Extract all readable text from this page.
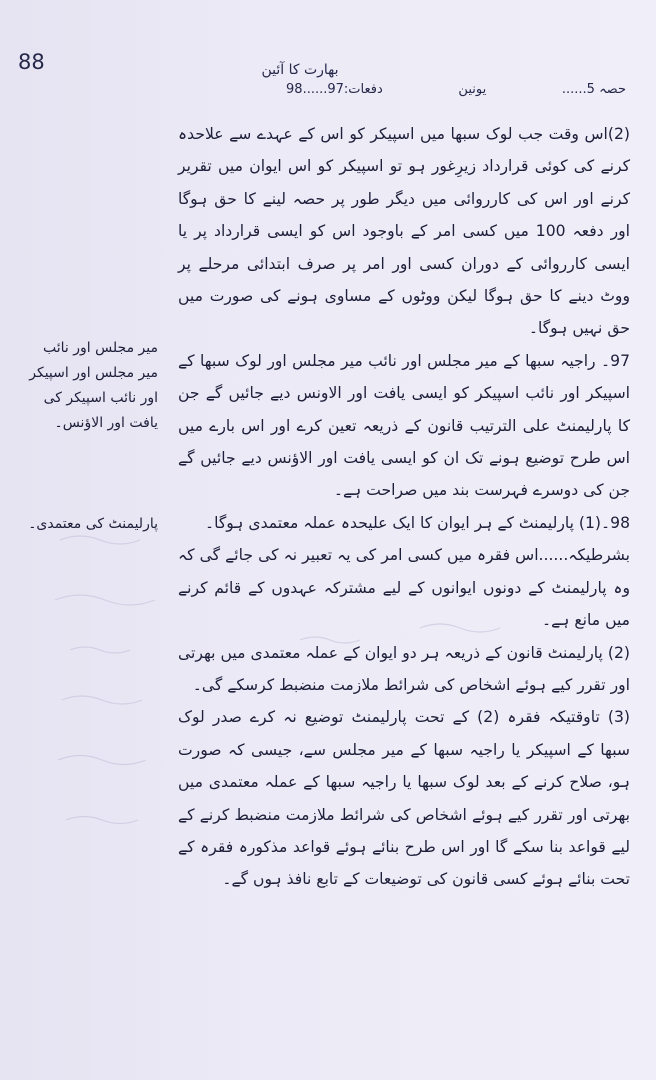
88	بھارت کا آئین
حصہ 5......
یونین
دفعات:97......98

(2)اس وقت جب لوک سبھا میں اسپیکر کو اس کے عہدے سے علاحدہ کرنے کی کوئی قرارداد زیرِغور ہو تو اسپیکر کو اس ایوان میں تقریر کرنے اور اس کی کارروائی میں دیگر طور پر حصہ لینے کا حق ہوگا اور دفعہ 100 میں کسی امر کے باوجود اس کو ایسی قرارداد پر یا ایسی کارروائی کے دوران کسی اور امر پر صرف ابتدائی مرحلے پر ووٹ دینے کا حق ہوگا لیکن ووٹوں کے مساوی ہونے کی صورت میں حق نہیں ہوگا۔

97۔ راجیہ سبھا کے میر مجلس اور نائب میر مجلس اور لوک سبھا کے اسپیکر اور نائب اسپیکر کو ایسی یافت اور الاونس دیے جائیں گے جن کا پارلیمنٹ علی الترتیب قانون کے ذریعہ تعین کرے اور اس بارے میں اس طرح توضیع ہونے تک ان کو ایسی یافت اور الاؤنس دیے جائیں گے جن کی دوسرے فہرست بند میں صراحت ہے۔

98۔(1) پارلیمنٹ کے ہر ایوان کا ایک علیحدہ عملہ معتمدی ہوگا۔

بشرطیکہ......اس فقرہ میں کسی امر کی یہ تعبیر نہ کی جائے گی کہ وہ پارلیمنٹ کے دونوں ایوانوں کے لیے مشترکہ عہدوں کے قائم کرنے میں مانع ہے۔

(2) پارلیمنٹ قانون کے ذریعہ ہر دو ایوان کے عملہ معتمدی میں بھرتی اور تقرر کیے ہوئے اشخاص کی شرائط ملازمت منضبط کرسکے گی۔

(3) تاوقتیکہ فقرہ (2) کے تحت پارلیمنٹ توضیع نہ کرے صدر لوک سبھا کے اسپیکر یا راجیہ سبھا کے میر مجلس سے، جیسی کہ صورت ہو، صلاح کرنے کے بعد لوک سبھا یا راجیہ سبھا کے عملہ معتمدی میں بھرتی اور تقرر کیے ہوئے اشخاص کی شرائط ملازمت منضبط کرنے کے لیے قواعد بنا سکے گا اور اس طرح بنائے ہوئے قواعد مذکورہ فقرہ کے تحت بنائے ہوئے کسی قانون کی توضیعات کے تابع نافذ ہوں گے۔

میر مجلس اور نائب میر مجلس اور اسپیکر اور نائب اسپیکر کی یافت اور الاؤنس۔
پارلیمنٹ کی معتمدی۔
